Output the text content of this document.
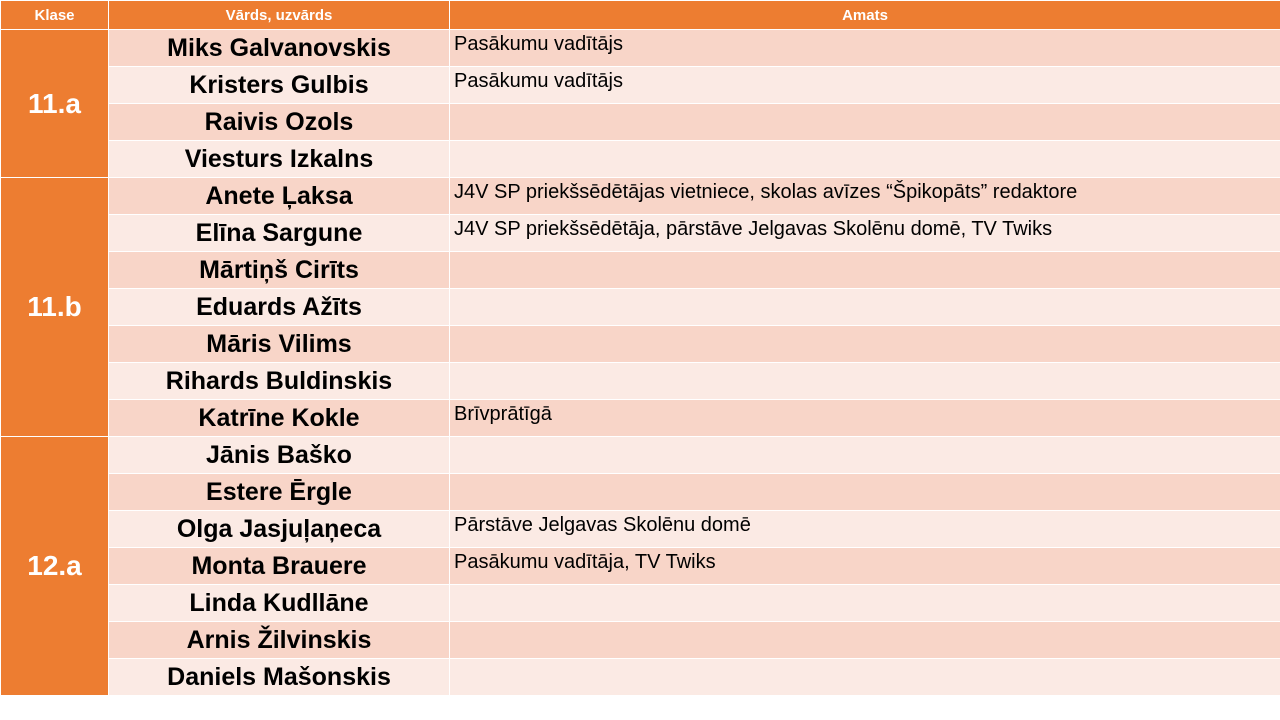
Klase	Vārds, uzvārds	Amats
11.a	Miks Galvanovskis	Pasākumu vadītājs
	Kristers Gulbis	Pasākumu vadītājs
	Raivis Ozols	
	Viesturs Izkalns	
11.b	Anete Ļaksa	J4V SP priekšsēdētājas vietniece, skolas avīzes “Špikopāts” redaktore
	Elīna Sargune	J4V SP priekšsēdētāja, pārstāve Jelgavas Skolēnu domē, TV Twiks
	Mārtiņš Cirīts	
	Eduards Ažīts	
	Māris Vilims	
	Rihards Buldinskis	
	Katrīne Kokle	Brīvprātīgā
12.a	Jānis Baško	
	Estere Ērgle	
	Olga Jasjuļaņeca	Pārstāve Jelgavas Skolēnu domē
	Monta Brauere	Pasākumu vadītāja, TV Twiks
	Linda Kudllāne	
	Arnis Žilvinskis	
	Daniels Mašonskis	
